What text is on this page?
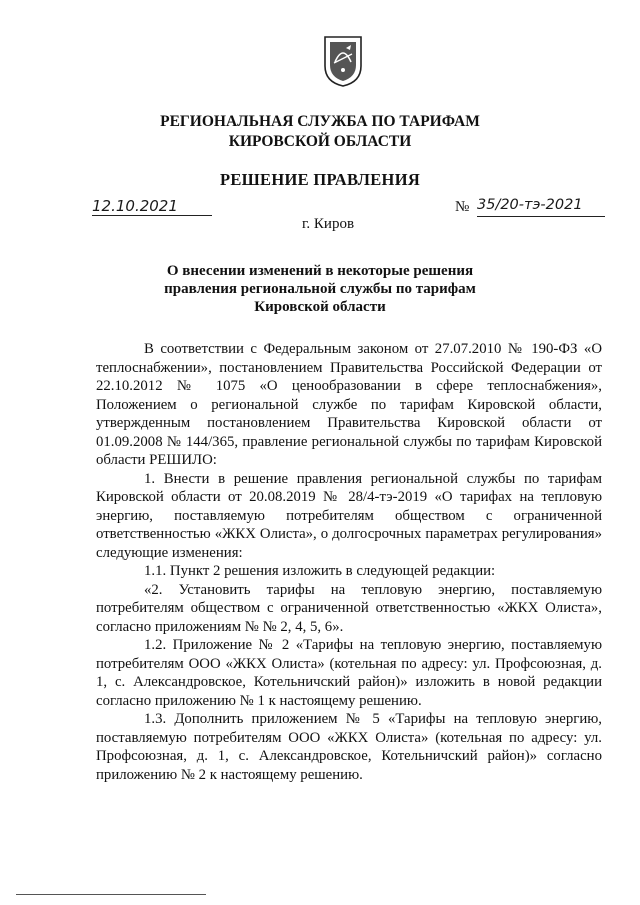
РЕГИОНАЛЬНАЯ СЛУЖБА ПО ТАРИФАМ
КИРОВСКОЙ ОБЛАСТИ
РЕШЕНИЕ ПРАВЛЕНИЯ
12.10.2021	№ 35/20-тэ-2021
г. Киров
О внесении изменений в некоторые решения
правления региональной службы по тарифам
Кировской области

В соответствии с Федеральным законом от 27.07.2010 № 190-ФЗ «О теплоснабжении», постановлением Правительства Российской Федерации от 22.10.2012 № 1075 «О ценообразовании в сфере теплоснабжения», Положением о региональной службе по тарифам Кировской области, утвержденным постановлением Правительства Кировской области от 01.09.2008 № 144/365, правление региональной службы по тарифам Кировской области РЕШИЛО:

1. Внести в решение правления региональной службы по тарифам Кировской области от 20.08.2019 № 28/4-тэ-2019 «О тарифах на тепловую энергию, поставляемую потребителям обществом с ограниченной ответственностью «ЖКХ Олиста», о долгосрочных параметрах регулирования» следующие изменения:

1.1. Пункт 2 решения изложить в следующей редакции:

«2. Установить тарифы на тепловую энергию, поставляемую потребителям обществом с ограниченной ответственностью «ЖКХ Олиста», согласно приложениям № № 2, 4, 5, 6».

1.2. Приложение № 2 «Тарифы на тепловую энергию, поставляемую потребителям ООО «ЖКХ Олиста» (котельная по адресу: ул. Профсоюзная, д. 1, с. Александровское, Котельничский район)» изложить в новой редакции согласно приложению № 1 к настоящему решению.

1.3. Дополнить приложением № 5 «Тарифы на тепловую энергию, поставляемую потребителям ООО «ЖКХ Олиста» (котельная по адресу: ул. Профсоюзная, д. 1, с. Александровское, Котельничский район)» согласно приложению № 2 к настоящему решению.
